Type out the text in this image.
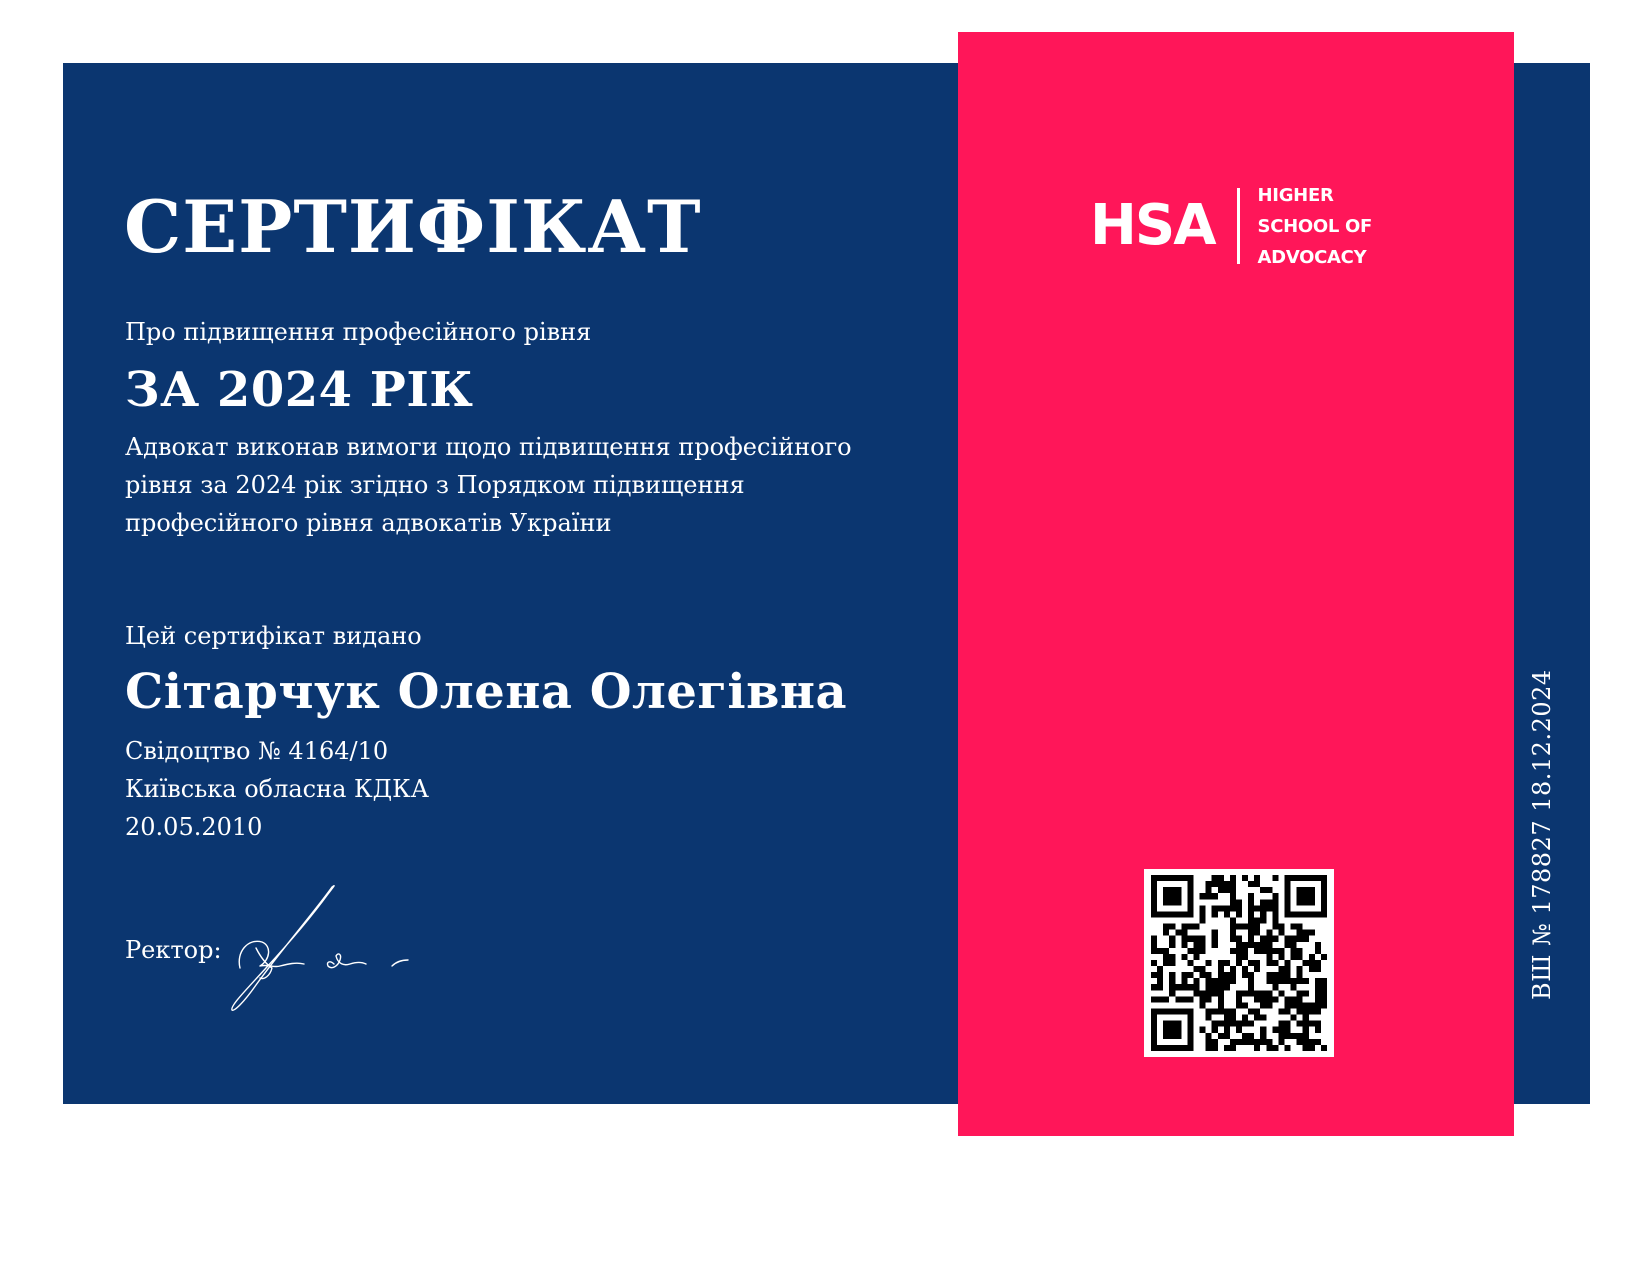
СЕРТИФІКАТ
Про підвищення професійного рівня
ЗА 2024 РІК
Адвокат виконав вимоги щодо підвищення професійного рівня за 2024 рік згідно з Порядком підвищення професійного рівня адвокатів України
Цей сертифікат видано
Сітарчук Олена Олегівна
Свідоцтво № 4164/10
Київська обласна КДКА
20.05.2010
Ректор:
HSA HIGHER
SCHOOL OF
ADVOCACY
ВШ № 178827 18.12.2024
